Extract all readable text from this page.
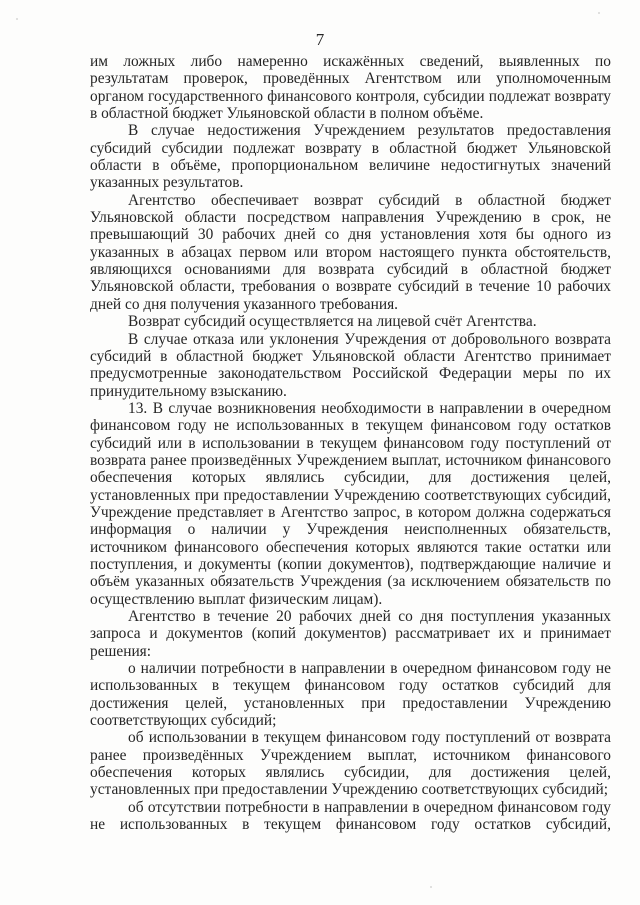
7

им ложных либо намеренно искажённых сведений, выявленных по результатам проверок, проведённых Агентством или уполномоченным органом государственного финансового контроля, субсидии подлежат возврату в областной бюджет Ульяновской области в полном объёме.

В случае недостижения Учреждением результатов предоставления субсидий субсидии подлежат возврату в областной бюджет Ульяновской области в объёме, пропорциональном величине недостигнутых значений указанных результатов.

Агентство обеспечивает возврат субсидий в областной бюджет Ульяновской области посредством направления Учреждению в срок, не превышающий 30 рабочих дней со дня установления хотя бы одного из указанных в абзацах первом или втором настоящего пункта обстоятельств, являющихся основаниями для возврата субсидий в областной бюджет Ульяновской области, требования о возврате субсидий в течение 10 рабочих дней со дня получения указанного требования.

Возврат субсидий осуществляется на лицевой счёт Агентства.

В случае отказа или уклонения Учреждения от добровольного возврата субсидий в областной бюджет Ульяновской области Агентство принимает предусмотренные законодательством Российской Федерации меры по их принудительному взысканию.

13. В случае возникновения необходимости в направлении в очередном финансовом году не использованных в текущем финансовом году остатков субсидий или в использовании в текущем финансовом году поступлений от возврата ранее произведённых Учреждением выплат, источником финансового обеспечения которых являлись субсидии, для достижения целей, установленных при предоставлении Учреждению соответствующих субсидий, Учреждение представляет в Агентство запрос, в котором должна содержаться информация о наличии у Учреждения неисполненных обязательств, источником финансового обеспечения которых являются такие остатки или поступления, и документы (копии документов), подтверждающие наличие и объём указанных обязательств Учреждения (за исключением обязательств по осуществлению выплат физическим лицам).

Агентство в течение 20 рабочих дней со дня поступления указанных запроса и документов (копий документов) рассматривает их и принимает решения:

о наличии потребности в направлении в очередном финансовом году не использованных в текущем финансовом году остатков субсидий для достижения целей, установленных при предоставлении Учреждению соответствующих субсидий;

об использовании в текущем финансовом году поступлений от возврата ранее произведённых Учреждением выплат, источником финансового обеспечения которых являлись субсидии, для достижения целей, установленных при предоставлении Учреждению соответствующих субсидий;

об отсутствии потребности в направлении в очередном финансовом году не использованных в текущем финансовом году остатков субсидий,
